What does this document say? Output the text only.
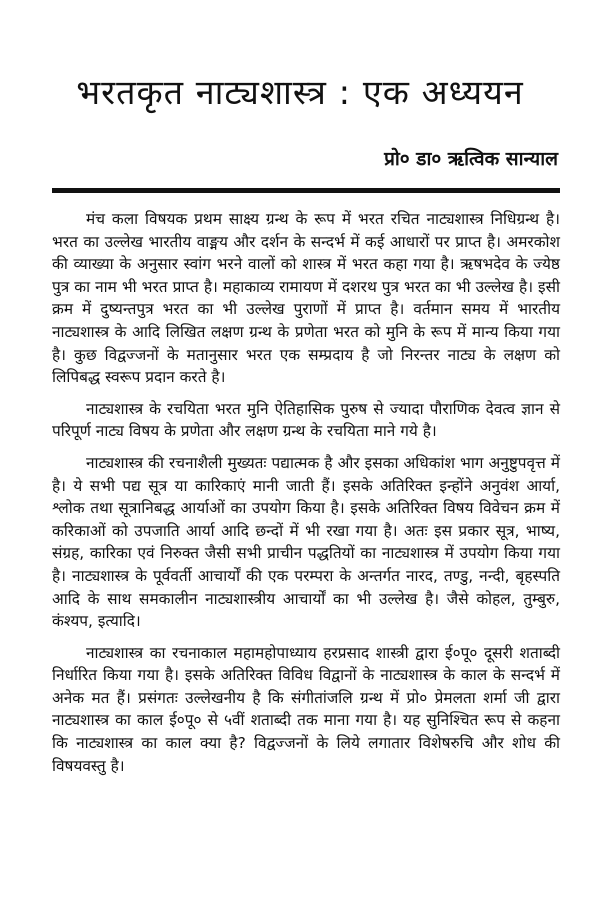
भरतकृत नाट्यशास्त्र : एक अध्ययन

प्रो० डा० ऋत्विक सान्याल

मंच कला विषयक प्रथम साक्ष्य ग्रन्थ के रूप में भरत रचित नाट्यशास्त्र निधिग्रन्थ है। भरत का उल्लेख भारतीय वाङ्मय और दर्शन के सन्दर्भ में कई आधारों पर प्राप्त है। अमरकोश की व्याख्या के अनुसार स्वांग भरने वालों को शास्त्र में भरत कहा गया है। ऋषभदेव के ज्येष्ठ पुत्र का नाम भी भरत प्राप्त है। महाकाव्य रामायण में दशरथ पुत्र भरत का भी उल्लेख है। इसी क्रम में दुष्यन्तपुत्र भरत का भी उल्लेख पुराणों में प्राप्त है। वर्तमान समय में भारतीय नाट्यशास्त्र के आदि लिखित लक्षण ग्रन्थ के प्रणेता भरत को मुनि के रूप में मान्य किया गया है। कुछ विद्वज्जनों के मतानुसार भरत एक सम्प्रदाय है जो निरन्तर नाट्य के लक्षण को लिपिबद्ध स्वरूप प्रदान करते है।

नाट्यशास्त्र के रचयिता भरत मुनि ऐतिहासिक पुरुष से ज्यादा पौराणिक देवत्व ज्ञान से परिपूर्ण नाट्य विषय के प्रणेता और लक्षण ग्रन्थ के रचयिता माने गये है।

नाट्यशास्त्र की रचनाशैली मुख्यतः पद्यात्मक है और इसका अधिकांश भाग अनुष्टुपवृत्त में है। ये सभी पद्य सूत्र या कारिकाएं मानी जाती हैं। इसके अतिरिक्त इन्होंने अनुवंश आर्या, श्लोक तथा सूत्रानिबद्ध आर्याओं का उपयोग किया है। इसके अतिरिक्त विषय विवेचन क्रम में करिकाओं को उपजाति आर्या आदि छन्दों में भी रखा गया है। अतः इस प्रकार सूत्र, भाष्य, संग्रह, कारिका एवं निरुक्त जैसी सभी प्राचीन पद्धतियों का नाट्यशास्त्र में उपयोग किया गया है। नाट्यशास्त्र के पूर्ववर्ती आचार्यों की एक परम्परा के अन्तर्गत नारद, तण्डु, नन्दी, बृहस्पति आदि के साथ समकालीन नाट्यशास्त्रीय आचार्यों का भी उल्लेख है। जैसे कोहल, तुम्बुरु, कंश्यप, इत्यादि।

नाट्यशास्त्र का रचनाकाल महामहोपाध्याय हरप्रसाद शास्त्री द्वारा ई०पू० दूसरी शताब्दी निर्धारित किया गया है। इसके अतिरिक्त विविध विद्वानों के नाट्यशास्त्र के काल के सन्दर्भ में अनेक मत हैं। प्रसंगतः उल्लेखनीय है कि संगीतांजलि ग्रन्थ में प्रो० प्रेमलता शर्मा जी द्वारा नाट्यशास्त्र का काल ई०पू० से ५वीं शताब्दी तक माना गया है। यह सुनिश्चित रूप से कहना कि नाट्यशास्त्र का काल क्या है? विद्वज्जनों के लिये लगातार विशेषरुचि और शोध की विषयवस्तु है।
